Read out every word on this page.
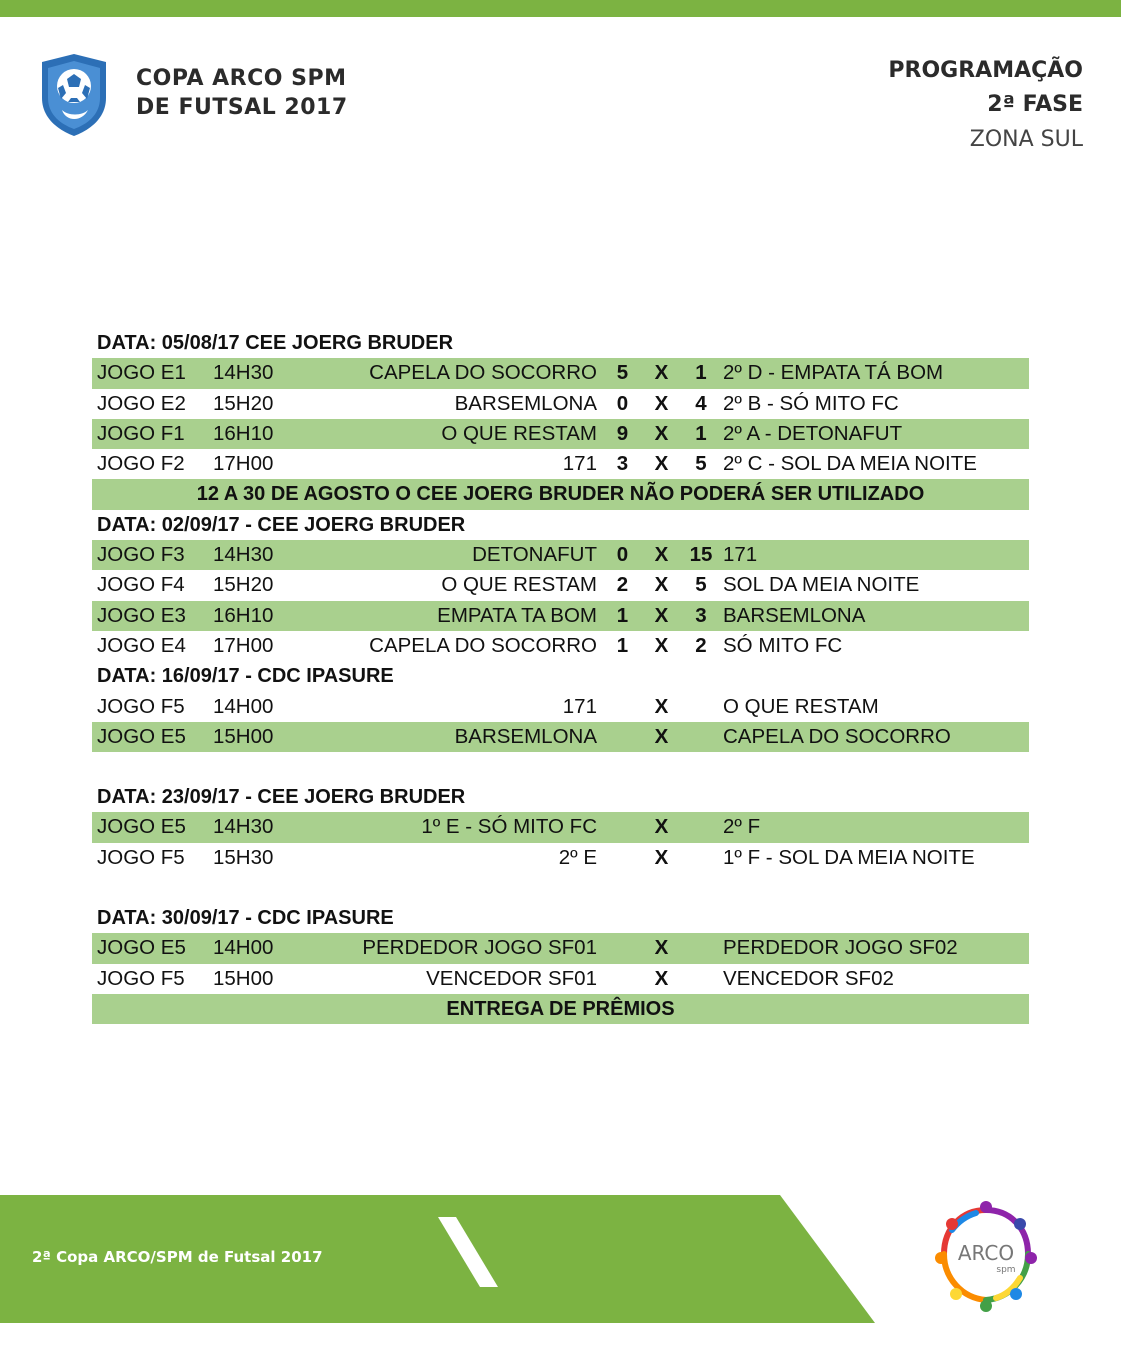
COPA ARCO SPM
DE FUTSAL 2017
PROGRAMAÇÃO
2ª FASE
ZONA SUL
DATA: 05/08/17 CEE JOERG BRUDER
JOGO E1 14H30	CAPELA DO SOCORRO 5	X	1 2º D - EMPATA TÁ BOM
JOGO E2 15H20	BARSEMLONA 0	X	4 2º B - SÓ MITO FC
JOGO F1 16H10	O QUE RESTAM 9	X	1 2º A - DETONAFUT
JOGO F2 17H00	171 3	X	5 2º C - SOL DA MEIA NOITE
12 A 30 DE AGOSTO O CEE JOERG BRUDER NÃO PODERÁ SER UTILIZADO
DATA: 02/09/17 - CEE JOERG BRUDER
JOGO F3 14H30	DETONAFUT 0	X 15 171
JOGO F4 15H20	O QUE RESTAM 2	X	5 SOL DA MEIA NOITE
JOGO E3 16H10	EMPATA TA BOM 1	X	3 BARSEMLONA
JOGO E4 17H00	CAPELA DO SOCORRO 1	X	2 SÓ MITO FC
DATA: 16/09/17 - CDC IPASURE
JOGO F5 14H00	171	X	O QUE RESTAM
JOGO E5 15H00	BARSEMLONA	X	CAPELA DO SOCORRO
DATA: 23/09/17 - CEE JOERG BRUDER
JOGO E5 14H30	1º E - SÓ MITO FC	X	2º F
JOGO F5 15H30	2º E	X	1º F - SOL DA MEIA NOITE
DATA: 30/09/17 - CDC IPASURE
JOGO E5 14H00	PERDEDOR JOGO SF01	X	PERDEDOR JOGO SF02
JOGO F5 15H00	VENCEDOR SF01	X	VENCEDOR SF02
ENTREGA DE PRÊMIOS
2ª Copa ARCO/SPM de Futsal 2017	ARCO
spm
